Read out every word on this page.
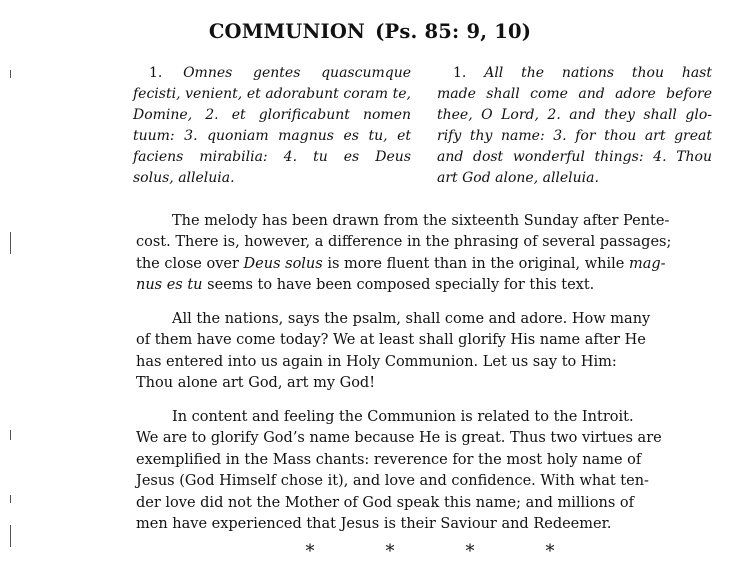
COMMUNION (Ps. 85: 9, 10)
1. Omnes gentes quascumque
fecisti, venient, et adorabunt coram te,
Domine, 2. et glorificabunt nomen
tuum: 3. quoniam magnus es tu, et
faciens mirabilia: 4. tu es Deus
solus, alleluia.
1. All the nations thou hast
made shall come and adore before
thee, O Lord, 2. and they shall glo-
rify thy name: 3. for thou art great
and dost wonderful things: 4. Thou
art God alone, alleluia.
The melody has been drawn from the sixteenth Sunday after Pente-
cost. There is, however, a difference in the phrasing of several passages;
the close over Deus solus is more fluent than in the original, while mag-
nus es tu seems to have been composed specially for this text.
All the nations, says the psalm, shall come and adore. How many
of them have come today? We at least shall glorify His name after He
has entered into us again in Holy Communion. Let us say to Him:
Thou alone art God, art my God!
In content and feeling the Communion is related to the Introit.
We are to glorify God’s name because He is great. Thus two virtues are
exemplified in the Mass chants: reverence for the most holy name of
Jesus (God Himself chose it), and love and confidence. With what ten-
der love did not the Mother of God speak this name; and millions of
men have experienced that Jesus is their Saviour and Redeemer.
*	*	*	*
